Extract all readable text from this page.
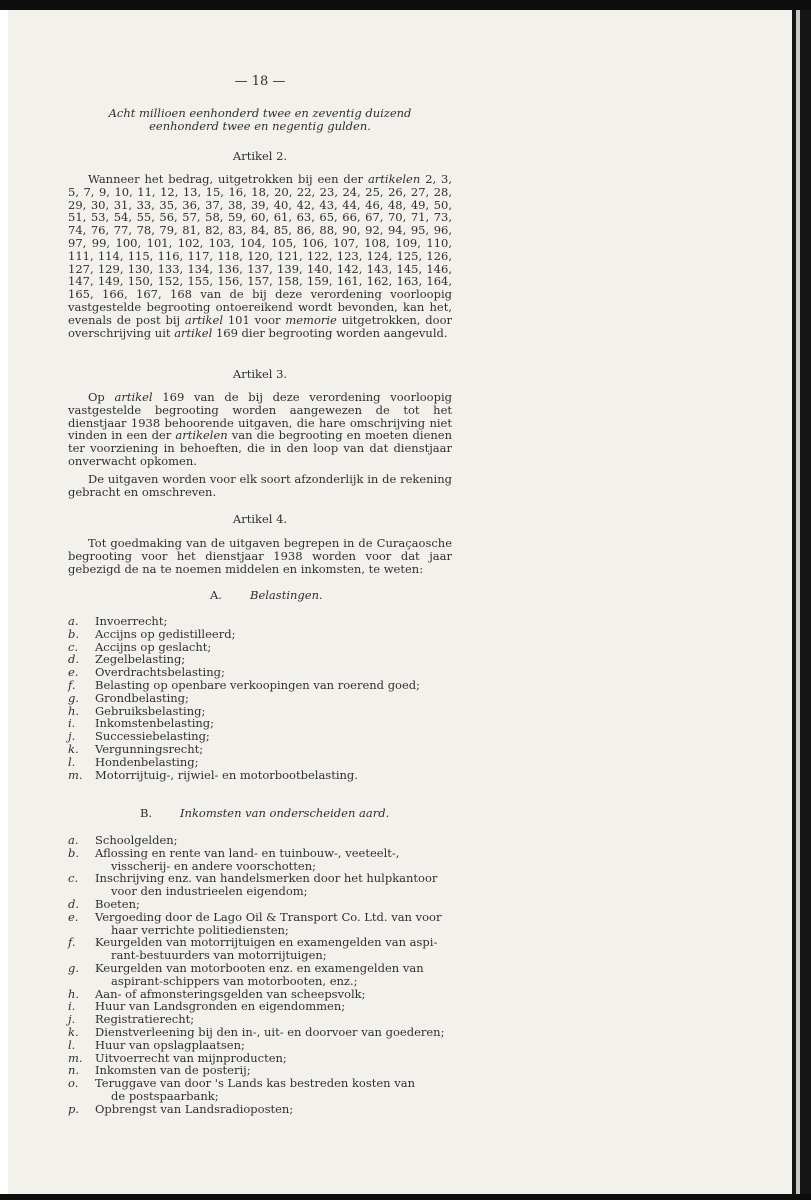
— 18 —
Acht millioen eenhonderd twee en zeventig duizend
eenhonderd twee en negentig gulden.
Artikel 2.
Wanneer het bedrag, uitgetrokken bij een der artikelen 2, 3, 5, 7, 9, 10, 11, 12, 13, 15, 16, 18, 20, 22, 23, 24, 25, 26, 27, 28, 29, 30, 31, 33, 35, 36, 37, 38, 39, 40, 42, 43, 44, 46, 48, 49, 50, 51, 53, 54, 55, 56, 57, 58, 59, 60, 61, 63, 65, 66, 67, 70, 71, 73, 74, 76, 77, 78, 79, 81, 82, 83, 84, 85, 86, 88, 90, 92, 94, 95, 96, 97, 99, 100, 101, 102, 103, 104, 105, 106, 107, 108, 109, 110, 111, 114, 115, 116, 117, 118, 120, 121, 122, 123, 124, 125, 126, 127, 129, 130, 133, 134, 136, 137, 139, 140, 142, 143, 145, 146, 147, 149, 150, 152, 155, 156, 157, 158, 159, 161, 162, 163, 164, 165, 166, 167, 168 van de bij deze verordening voorloopig vastgestelde begrooting ontoereikend wordt bevonden, kan het, evenals de post bij artikel 101 voor memorie uitgetrokken, door overschrijving uit artikel 169 dier begrooting worden aangevuld.
Artikel 3.
Op artikel 169 van de bij deze verordening voorloopig vastgestelde begrooting worden aangewezen de tot het dienstjaar 1938 behoorende uitgaven, die hare omschrijving niet vinden in een der artikelen van die begrooting en moeten dienen ter voorziening in behoeften, die in den loop van dat dienstjaar onverwacht opkomen.
De uitgaven worden voor elk soort afzonderlijk in de rekening gebracht en omschreven.
Artikel 4.
Tot goedmaking van de uitgaven begrepen in de Curaçaosche begrooting voor het dienstjaar 1938 worden voor dat jaar gebezigd de na te noemen middelen en inkomsten, te weten:
A. Belastingen.
a. Invoerrecht;
b. Accijns op gedistilleerd;
c. Accijns op geslacht;
d. Zegelbelasting;
e. Overdrachtsbelasting;
f. Belasting op openbare verkoopingen van roerend goed;
g. Grondbelasting;
h. Gebruiksbelasting;
i. Inkomstenbelasting;
j. Successiebelasting;
k. Vergunningsrecht;
l. Hondenbelasting;
m. Motorrijtuig-, rijwiel- en motorbootbelasting.
B. Inkomsten van onderscheiden aard.
a. Schoolgelden;
b. Aflossing en rente van land- en tuinbouw-, veeteelt-,
visscherij- en andere voorschotten;
c. Inschrijving enz. van handelsmerken door het hulpkantoor
voor den industrieelen eigendom;
d. Boeten;
e. Vergoeding door de Lago Oil & Transport Co. Ltd. van voor
haar verrichte politiediensten;
f. Keurgelden van motorrijtuigen en examengelden van aspi-
rant-bestuurders van motorrijtuigen;
g. Keurgelden van motorbooten enz. en examengelden van
aspirant-schippers van motorbooten, enz.;
h. Aan- of afmonsteringsgelden van scheepsvolk;
i. Huur van Landsgronden en eigendommen;
j. Registratierecht;
k. Dienstverleening bij den in-, uit- en doorvoer van goederen;
l. Huur van opslagplaatsen;
m. Uitvoerrecht van mijnproducten;
n. Inkomsten van de posterij;
o. Teruggave van door 's Lands kas bestreden kosten van
de postspaarbank;
p. Opbrengst van Landsradioposten;
